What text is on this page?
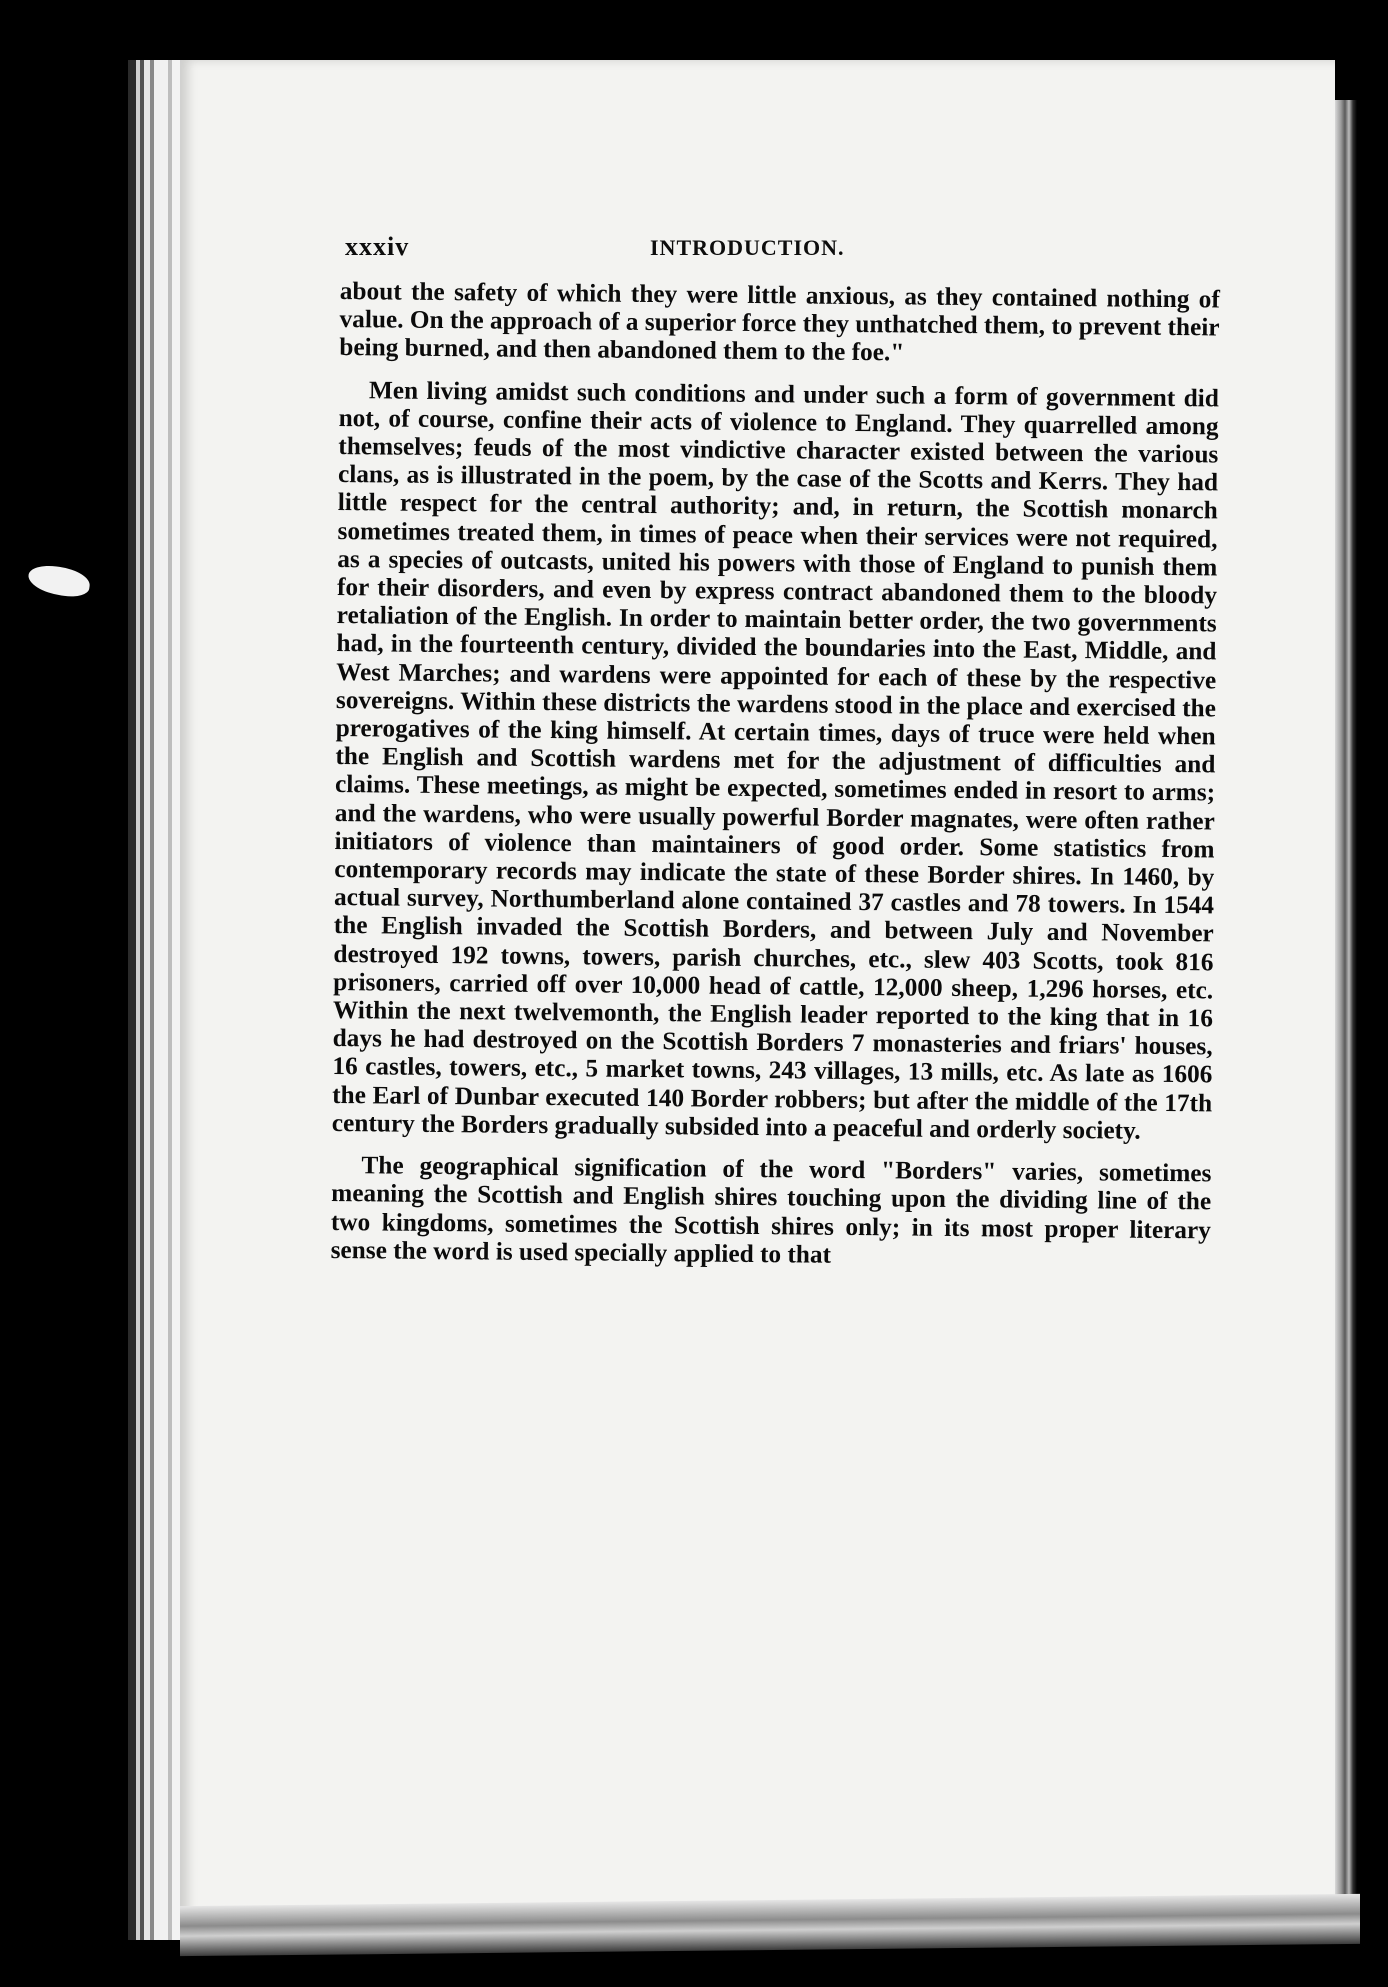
xxxiv	INTRODUCTION.

about the safety of which they were little anxious, as they contained nothing of value. On the approach of a superior force they unthatched them, to prevent their being burned, and then abandoned them to the foe."

Men living amidst such conditions and under such a form of government did not, of course, confine their acts of violence to England. They quarrelled among themselves; feuds of the most vindictive character existed between the various clans, as is illustrated in the poem, by the case of the Scotts and Kerrs. They had little respect for the central authority; and, in return, the Scottish monarch sometimes treated them, in times of peace when their services were not required, as a species of outcasts, united his powers with those of England to punish them for their disorders, and even by express contract abandoned them to the bloody retaliation of the English. In order to maintain better order, the two governments had, in the fourteenth century, divided the boundaries into the East, Middle, and West Marches; and wardens were appointed for each of these by the respective sovereigns. Within these districts the wardens stood in the place and exercised the prerogatives of the king himself. At certain times, days of truce were held when the English and Scottish wardens met for the adjustment of difficulties and claims. These meetings, as might be expected, sometimes ended in resort to arms; and the wardens, who were usually powerful Border magnates, were often rather initiators of violence than maintainers of good order. Some statistics from contemporary records may indicate the state of these Border shires. In 1460, by actual survey, Northumberland alone contained 37 castles and 78 towers. In 1544 the English invaded the Scottish Borders, and between July and November destroyed 192 towns, towers, parish churches, etc., slew 403 Scotts, took 816 prisoners, carried off over 10,000 head of cattle, 12,000 sheep, 1,296 horses, etc. Within the next twelvemonth, the English leader reported to the king that in 16 days he had destroyed on the Scottish Borders 7 monasteries and friars' houses, 16 castles, towers, etc., 5 market towns, 243 villages, 13 mills, etc. As late as 1606 the Earl of Dunbar executed 140 Border robbers; but after the middle of the 17th century the Borders gradually subsided into a peaceful and orderly society.

The geographical signification of the word "Borders" varies, sometimes meaning the Scottish and English shires touching upon the dividing line of the two kingdoms, sometimes the Scottish shires only; in its most proper literary sense the word is used specially applied to that
